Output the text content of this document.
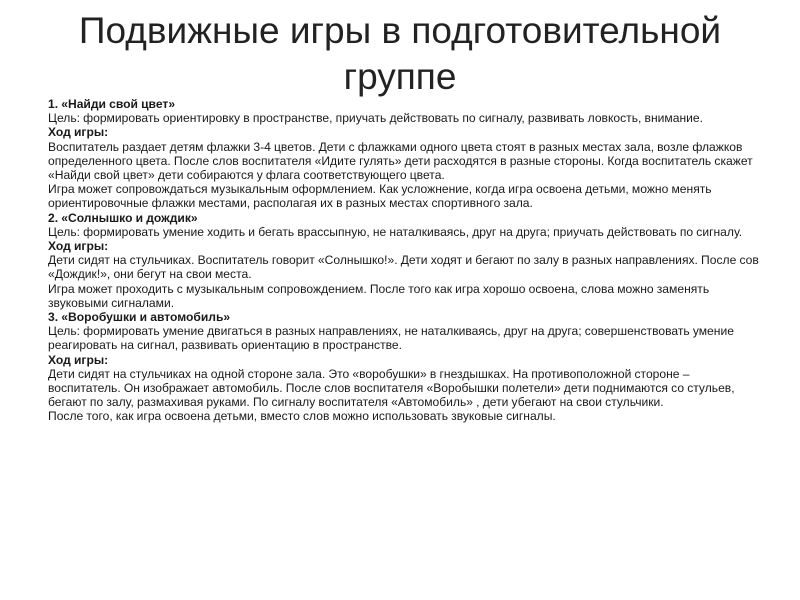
Подвижные игры в подготовительной группе

1. «Найди свой цвет»

Цель: формировать ориентировку в пространстве, приучать действовать по сигналу, развивать ловкость, внимание.

Ход игры:

Воспитатель раздает детям флажки 3-4 цветов. Дети с флажками одного цвета стоят в разных местах зала, возле флажков определенного цвета. После слов воспитателя «Идите гулять» дети расходятся в разные стороны. Когда воспитатель скажет «Найди свой цвет» дети собираются у флага соответствующего цвета.

Игра может сопровождаться музыкальным оформлением. Как усложнение, когда игра освоена детьми, можно менять ориентировочные флажки местами, располагая их в разных местах спортивного зала.

2. «Солнышко и дождик»

Цель: формировать умение ходить и бегать врассыпную, не наталкиваясь, друг на друга; приучать действовать по сигналу.

Ход игры:

Дети сидят на стульчиках. Воспитатель говорит «Солнышко!». Дети ходят и бегают по залу в разных направлениях. После сов «Дождик!», они бегут на свои места.

Игра может проходить с музыкальным сопровождением. После того как игра хорошо освоена, слова можно заменять звуковыми сигналами.

3. «Воробушки и автомобиль»

Цель: формировать умение двигаться в разных направлениях, не наталкиваясь, друг на друга; совершенствовать умение реагировать на сигнал, развивать ориентацию в пространстве.

Ход игры:

Дети сидят на стульчиках на одной стороне зала. Это «воробушки» в гнездышках. На противоположной стороне – воспитатель. Он изображает автомобиль. После слов воспитателя «Воробышки полетели» дети поднимаются со стульев, бегают по залу, размахивая руками. По сигналу воспитателя «Автомобиль» , дети убегают на свои стульчики.

После того, как игра освоена детьми, вместо слов можно использовать звуковые сигналы.
